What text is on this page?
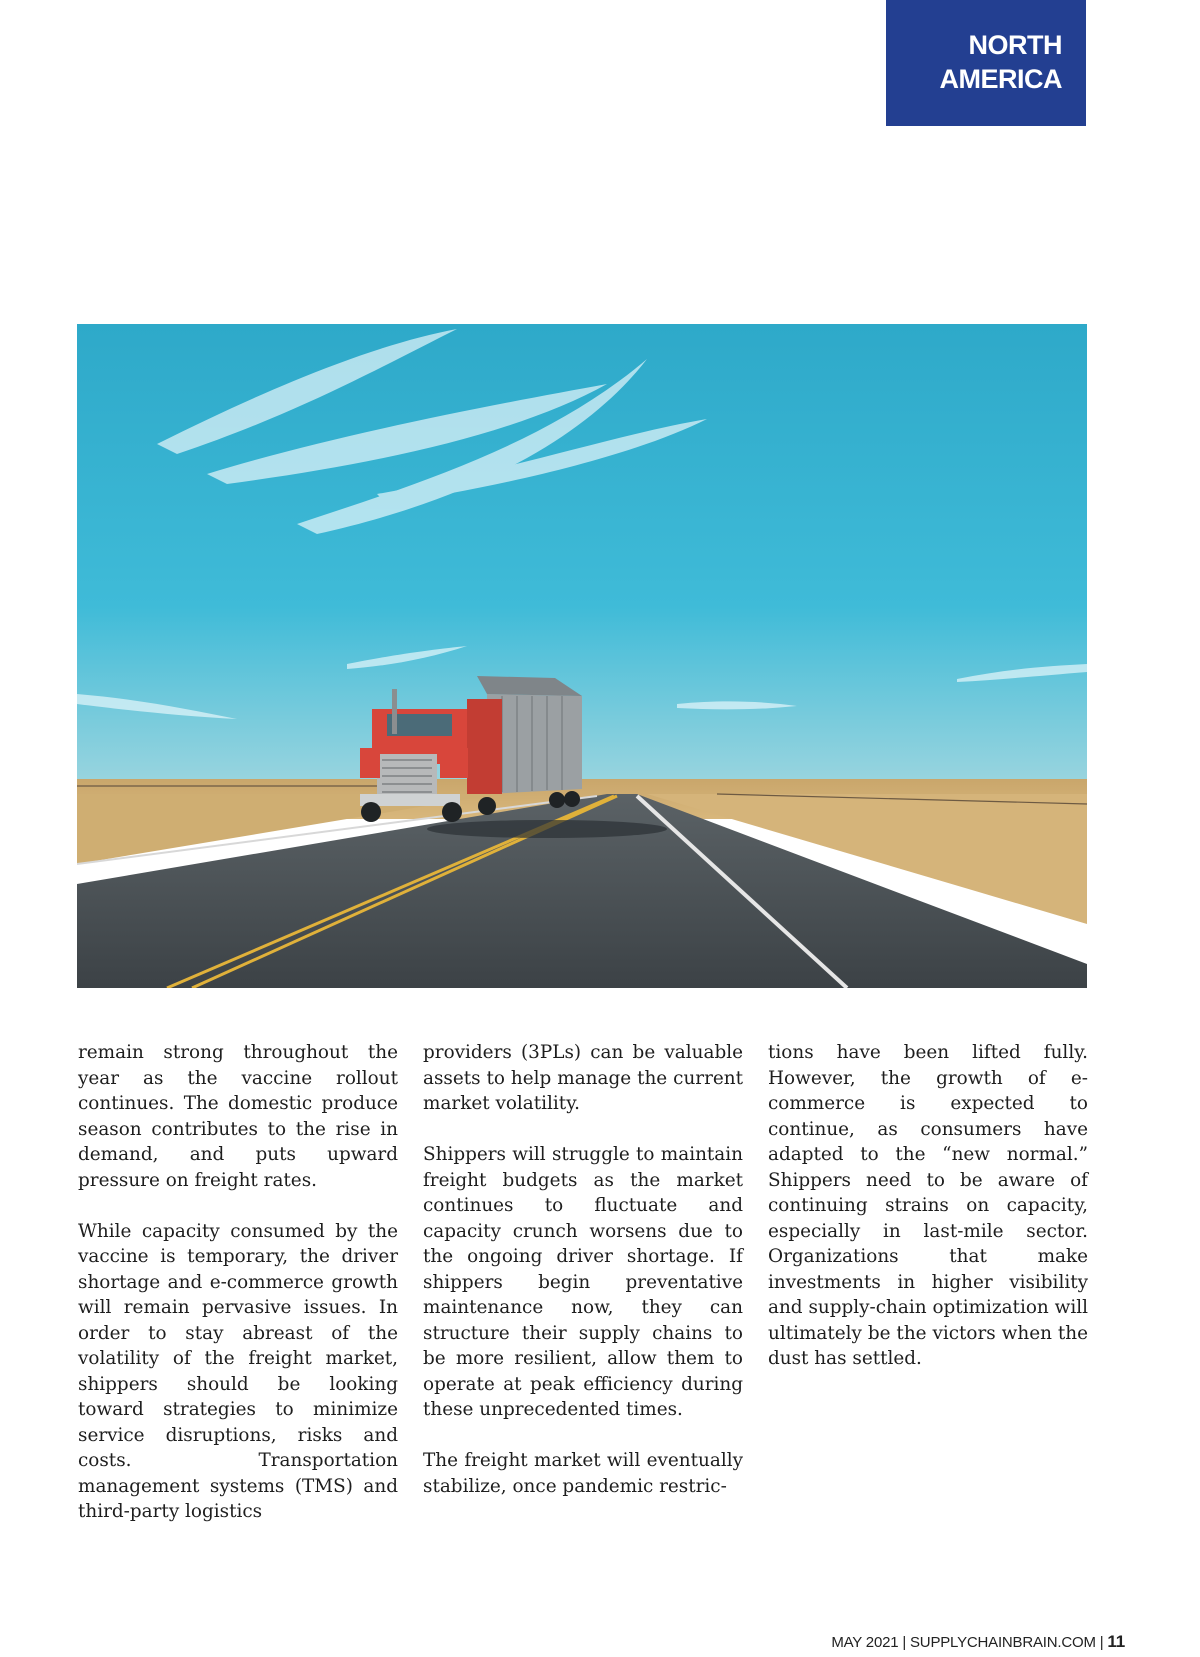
NORTH
AMERICA

remain strong throughout the year as the vaccine rollout continues. The domestic produce season contributes to the rise in demand, and puts upward pressure on freight rates.

While capacity consumed by the vaccine is temporary, the driver shortage and e-commerce growth will remain pervasive issues. In order to stay abreast of the volatility of the freight market, shippers should be looking toward strategies to minimize service disruptions, risks and costs. Transportation management systems (TMS) and third-party logistics

providers (3PLs) can be valuable assets to help manage the current market volatility.

Shippers will struggle to maintain freight budgets as the market continues to fluctuate and capacity crunch worsens due to the ongoing driver shortage. If shippers begin preventative maintenance now, they can structure their supply chains to be more resilient, allow them to operate at peak efficiency during these unprecedented times.

The freight market will eventually stabilize, once pandemic restric-

tions have been lifted fully. However, the growth of e-commerce is expected to continue, as consumers have adapted to the “new normal.” Shippers need to be aware of continuing strains on capacity, especially in last-mile sector. Organizations that make investments in higher visibility and supply-chain optimization will ultimately be the victors when the dust has settled.

MAY 2021 | SUPPLYCHAINBRAIN.COM | 11
